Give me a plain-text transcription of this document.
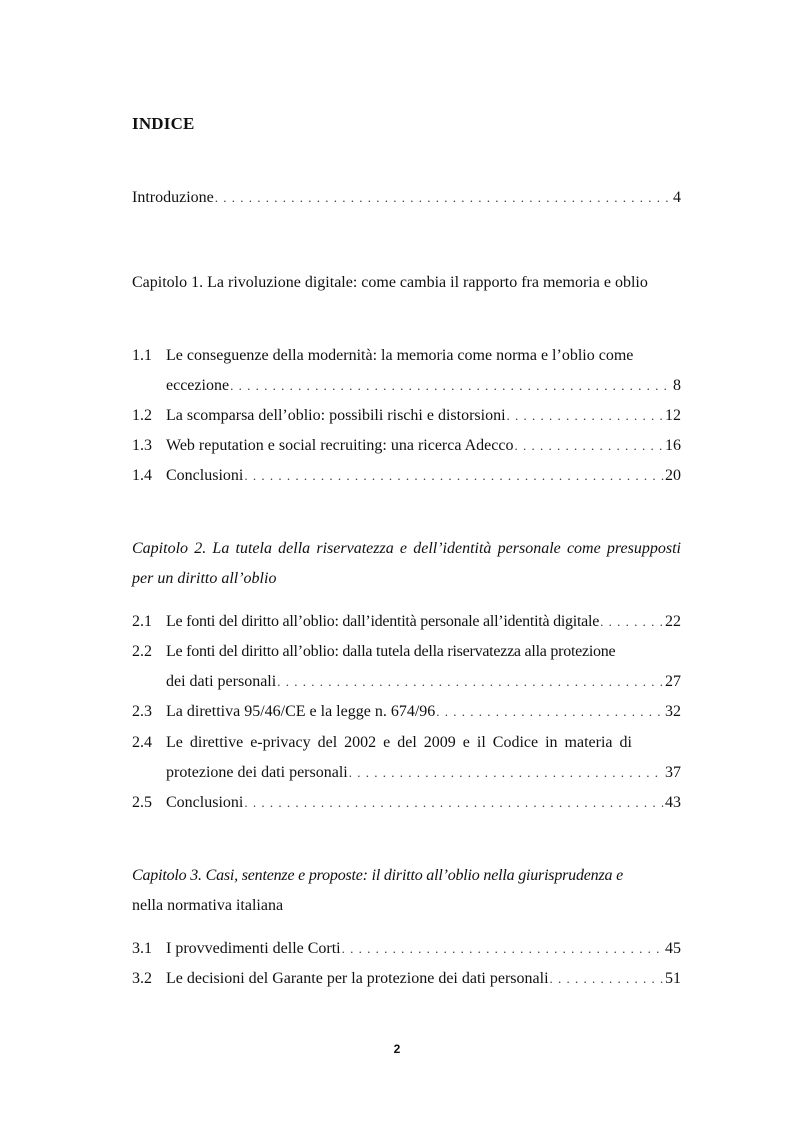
INDICE
Introduzione . . .	4
Capitolo 1. La rivoluzione digitale: come cambia il rapporto fra memoria e oblio
1.1 Le conseguenze della modernità: la memoria come norma e l’oblio come
eccezione . . .	8
1.2 La scomparsa dell’oblio: possibili rischi e distorsioni . . .	12
1.3 Web reputation e social recruiting: una ricerca Adecco . . .	16
1.4 Conclusioni . . .	20
Capitolo 2. La tutela della riservatezza e dell’identità personale come presupposti per un diritto all’oblio
2.1 Le fonti del diritto all’oblio: dall’identità personale all’identità digitale . . .	22
2.2 Le fonti del diritto all’oblio: dalla tutela della riservatezza alla protezione
dei dati personali . . .	27
2.3 La direttiva 95/46/CE e la legge n. 674/96 . . .	32
2.4 Le direttive e-privacy del 2002 e del 2009 e il Codice in materia di
protezione dei dati personali . . .	37
2.5 Conclusioni . . .	43
Capitolo 3. Casi, sentenze e proposte: il diritto all’oblio nella giurisprudenza e
nella normativa italiana
3.1 I provvedimenti delle Corti . . .	45
3.2 Le decisioni del Garante per la protezione dei dati personali . . .	51
2
